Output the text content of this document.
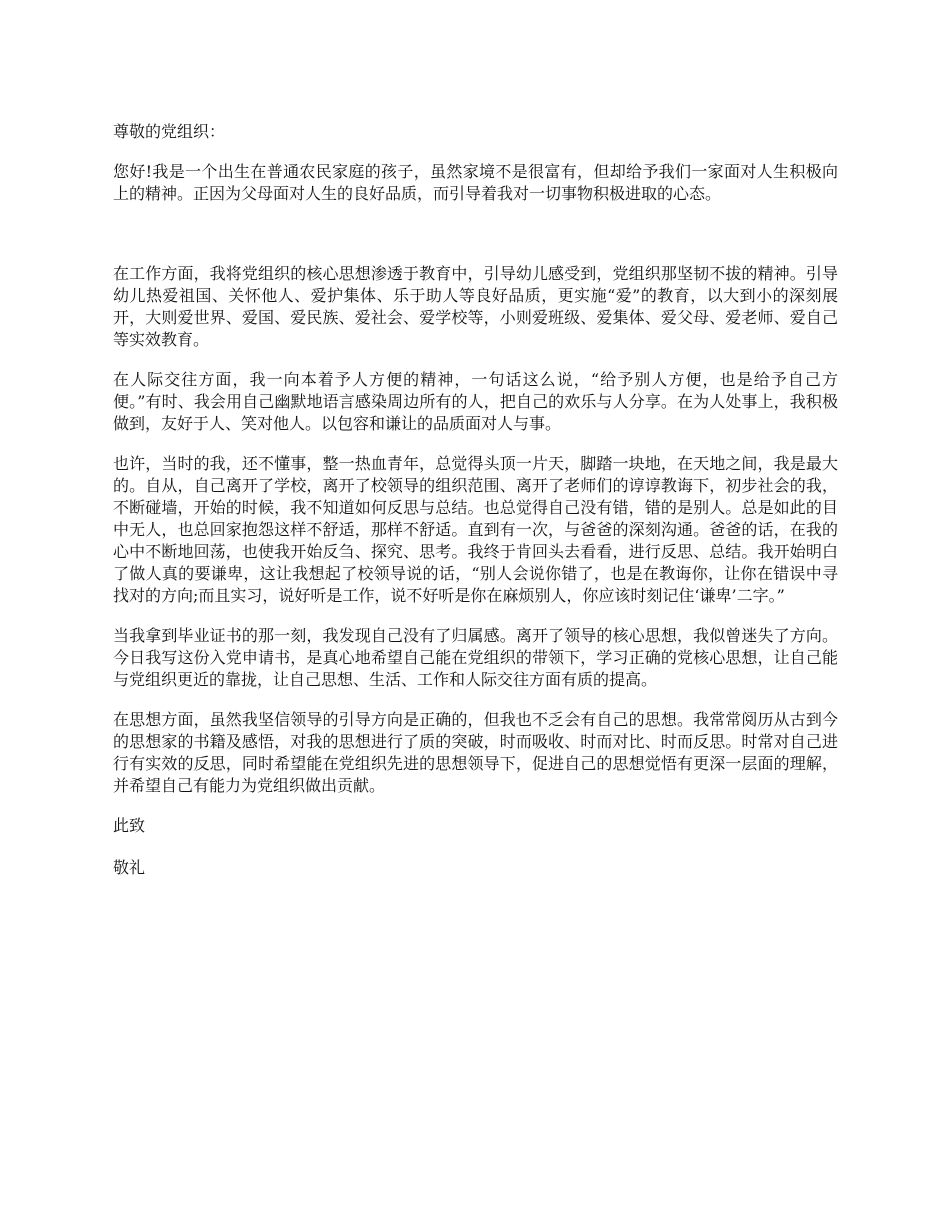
尊敬的党组织：

您好!我是一个出生在普通农民家庭的孩子，虽然家境不是很富有，但却给予我们一家面对人生积极向上的精神。正因为父母面对人生的良好品质，而引导着我对一切事物积极进取的心态。

在工作方面，我将党组织的核心思想渗透于教育中，引导幼儿感受到，党组织那坚韧不拔的精神。引导幼儿热爱祖国、关怀他人、爱护集体、乐于助人等良好品质，更实施“爱”的教育，以大到小的深刻展开，大则爱世界、爱国、爱民族、爱社会、爱学校等，小则爱班级、爱集体、爱父母、爱老师、爱自己等实效教育。

在人际交往方面，我一向本着予人方便的精神，一句话这么说，“给予别人方便，也是给予自己方便。”有时、我会用自己幽默地语言感染周边所有的人，把自己的欢乐与人分享。在为人处事上，我积极做到，友好于人、笑对他人。以包容和谦让的品质面对人与事。

也许，当时的我，还不懂事，整一热血青年，总觉得头顶一片天，脚踏一块地，在天地之间，我是最大的。自从，自己离开了学校，离开了校领导的组织范围、离开了老师们的谆谆教诲下，初步社会的我，不断碰墙，开始的时候，我不知道如何反思与总结。也总觉得自己没有错，错的是别人。总是如此的目中无人，也总回家抱怨这样不舒适，那样不舒适。直到有一次，与爸爸的深刻沟通。爸爸的话，在我的心中不断地回荡，也使我开始反刍、探究、思考。我终于肯回头去看看，进行反思、总结。我开始明白了做人真的要谦卑，这让我想起了校领导说的话，“别人会说你错了，也是在教诲你，让你在错误中寻找对的方向;而且实习，说好听是工作，说不好听是你在麻烦别人，你应该时刻记住‘谦卑’二字。”

当我拿到毕业证书的那一刻，我发现自己没有了归属感。离开了领导的核心思想，我似曾迷失了方向。今日我写这份入党申请书，是真心地希望自己能在党组织的带领下，学习正确的党核心思想，让自己能与党组织更近的靠拢，让自己思想、生活、工作和人际交往方面有质的提高。

在思想方面，虽然我坚信领导的引导方向是正确的，但我也不乏会有自己的思想。我常常阅历从古到今的思想家的书籍及感悟，对我的思想进行了质的突破，时而吸收、时而对比、时而反思。时常对自己进行有实效的反思，同时希望能在党组织先进的思想领导下，促进自己的思想觉悟有更深一层面的理解，并希望自己有能力为党组织做出贡献。

此致

敬礼
